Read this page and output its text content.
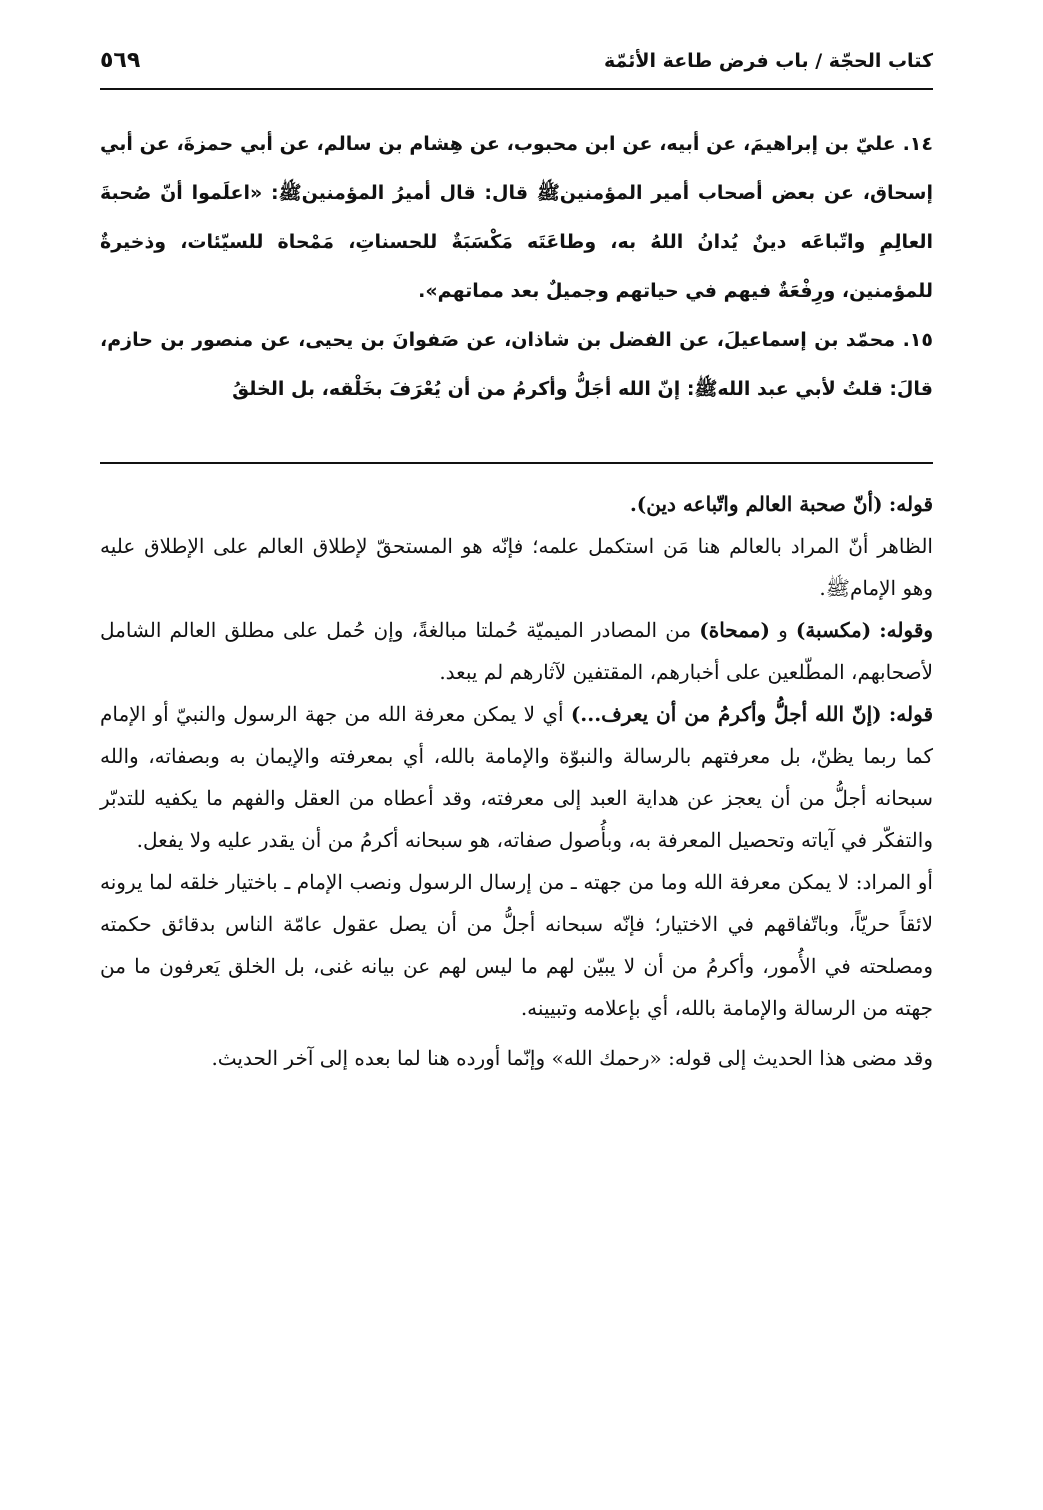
كتاب الحجّة / باب فرض طاعة الأئمّة
٥٦٩

١٤. عليّ بن إبراهيمَ، عن أبيه، عن ابن محبوب، عن هِشام بن سالم، عن أبي حمزةَ، عن أبي إسحاق، عن بعض أصحاب أمير المؤمنينﷺ قال: قال أميرُ المؤمنينﷺ: «اعلَموا أنّ صُحبةَ العالِمِ واتّباعَه دينٌ يُدانُ اللهُ به، وطاعَتَه مَكْسَبَةٌ للحسناتِ، مَمْحاة للسيّئات، وذخيرةٌ للمؤمنين، ورِفْعَةٌ فيهم في حياتهم وجميلٌ بعد مماتهم».

١٥. محمّد بن إسماعيلَ، عن الفضل بن شاذان، عن صَفوانَ بن يحيى، عن منصور بن حازم، قالَ: قلتُ لأبي عبد اللهﷺ: إنّ الله أجَلُّ وأكرمُ من أن يُعْرَفَ بخَلْقه، بل الخلقُ

قوله: (أنّ صحبة العالم واتّباعه دين).

الظاهر أنّ المراد بالعالم هنا مَن استكمل علمه؛ فإنّه هو المستحقّ لإطلاق العالم على الإطلاق عليه وهو الإمامﷺ.

وقوله: (مكسبة) و (ممحاة) من المصادر الميميّة حُملتا مبالغةً، وإن حُمل على مطلق العالم الشامل لأصحابهم، المطّلعين على أخبارهم، المقتفين لآثارهم لم يبعد.

قوله: (إنّ الله أجلُّ وأكرمُ من أن يعرف...) أي لا يمكن معرفة الله من جهة الرسول والنبيّ أو الإمام كما ربما يظنّ، بل معرفتهم بالرسالة والنبوّة والإمامة بالله، أي بمعرفته والإيمان به وبصفاته، والله سبحانه أجلُّ من أن يعجز عن هداية العبد إلى معرفته، وقد أعطاه من العقل والفهم ما يكفيه للتدبّر والتفكّر في آياته وتحصيل المعرفة به، وبأُصول صفاته، هو سبحانه أكرمُ من أن يقدر عليه ولا يفعل.

أو المراد: لا يمكن معرفة الله وما من جهته ـ من إرسال الرسول ونصب الإمام ـ باختيار خلقه لما يرونه لائقاً حريّاً، وباتّفاقهم في الاختيار؛ فإنّه سبحانه أجلُّ من أن يصل عقول عامّة الناس بدقائق حكمته ومصلحته في الأُمور، وأكرمُ من أن لا يبيّن لهم ما ليس لهم عن بيانه غنى، بل الخلق يَعرفون ما من جهته من الرسالة والإمامة بالله، أي بإعلامه وتبيينه.

وقد مضى هذا الحديث إلى قوله: «رحمك الله» وإنّما أورده هنا لما بعده إلى آخر الحديث.
